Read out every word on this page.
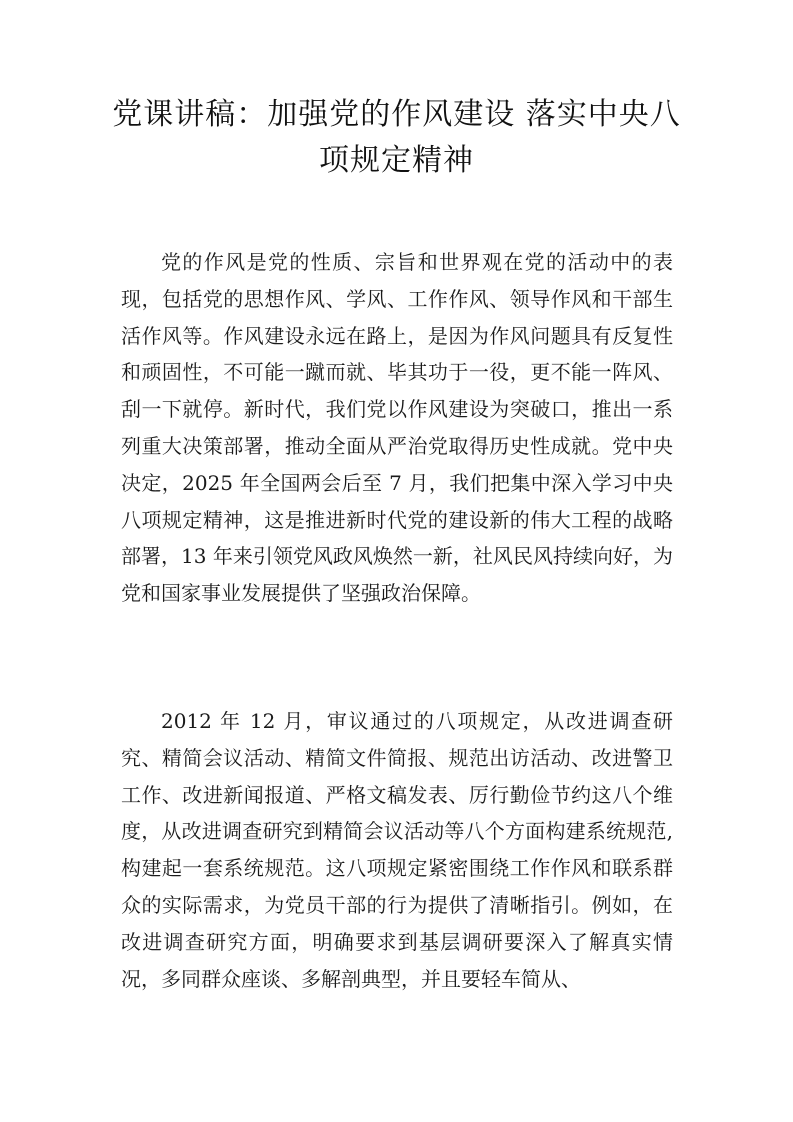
党课讲稿：加强党的作风建设 落实中央八项规定精神

党的作风是党的性质、宗旨和世界观在党的活动中的表现，包括党的思想作风、学风、工作作风、领导作风和干部生活作风等。作风建设永远在路上，是因为作风问题具有反复性和顽固性，不可能一蹴而就、毕其功于一役，更不能一阵风、刮一下就停。新时代，我们党以作风建设为突破口，推出一系列重大决策部署，推动全面从严治党取得历史性成就。党中央决定，2025 年全国两会后至 7 月，我们把集中深入学习中央八项规定精神，这是推进新时代党的建设新的伟大工程的战略部署，13 年来引领党风政风焕然一新，社风民风持续向好，为党和国家事业发展提供了坚强政治保障。

2012 年 12 月，审议通过的八项规定，从改进调查研究、精简会议活动、精简文件简报、规范出访活动、改进警卫工作、改进新闻报道、严格文稿发表、厉行勤俭节约这八个维度，从改进调查研究到精简会议活动等八个方面构建系统规范,构建起一套系统规范。这八项规定紧密围绕工作作风和联系群众的实际需求，为党员干部的行为提供了清晰指引。例如，在改进调查研究方面，明确要求到基层调研要深入了解真实情况，多同群众座谈、多解剖典型，并且要轻车简从、
